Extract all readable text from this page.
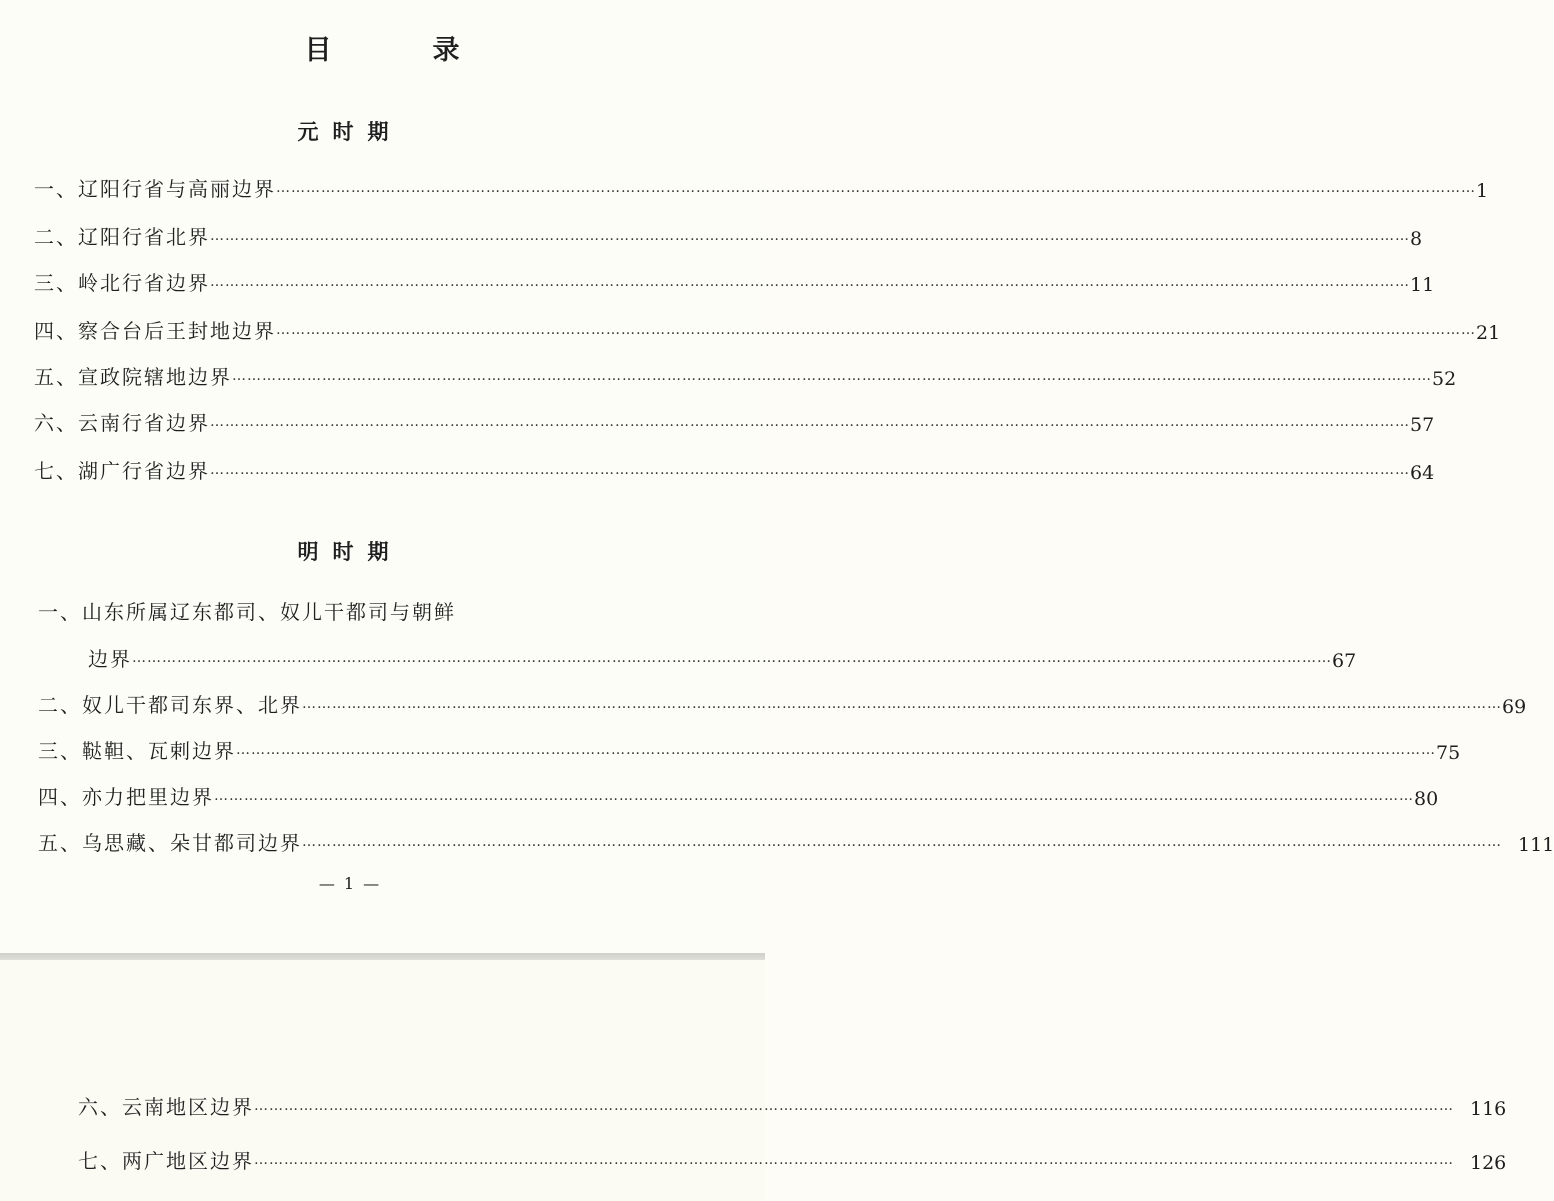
目	录
元时期
一、辽阳行省与高丽边界 …………………………………………………………………………………………………………………………………………………………………………………………………………………… 1
二、辽阳行省北界 …………………………………………………………………………………………………………………………………………………………………………………………………………………… 8
三、岭北行省边界 …………………………………………………………………………………………………………………………………………………………………………………………………………………… 11
四、察合台后王封地边界 …………………………………………………………………………………………………………………………………………………………………………………………………………………… 21
五、宣政院辖地边界 …………………………………………………………………………………………………………………………………………………………………………………………………………………… 52
六、云南行省边界 …………………………………………………………………………………………………………………………………………………………………………………………………………………… 57
七、湖广行省边界 …………………………………………………………………………………………………………………………………………………………………………………………………………………… 64
明时期
一、山东所属辽东都司、奴儿干都司与朝鲜
边界 …………………………………………………………………………………………………………………………………………………………………………………………………………………… 67
二、奴儿干都司东界、北界 …………………………………………………………………………………………………………………………………………………………………………………………………………………… 69
三、鞑靼、瓦剌边界 …………………………………………………………………………………………………………………………………………………………………………………………………………………… 75
四、亦力把里边界 …………………………………………………………………………………………………………………………………………………………………………………………………………………… 80
五、乌思藏、朵甘都司边界 …………………………………………………………………………………………………………………………………………………………………………………………………………………… 111
— 1 —
六、云南地区边界 …………………………………………………………………………………………………………………………………………………………………………………………………………………… 116
七、两广地区边界 …………………………………………………………………………………………………………………………………………………………………………………………………………………… 126
